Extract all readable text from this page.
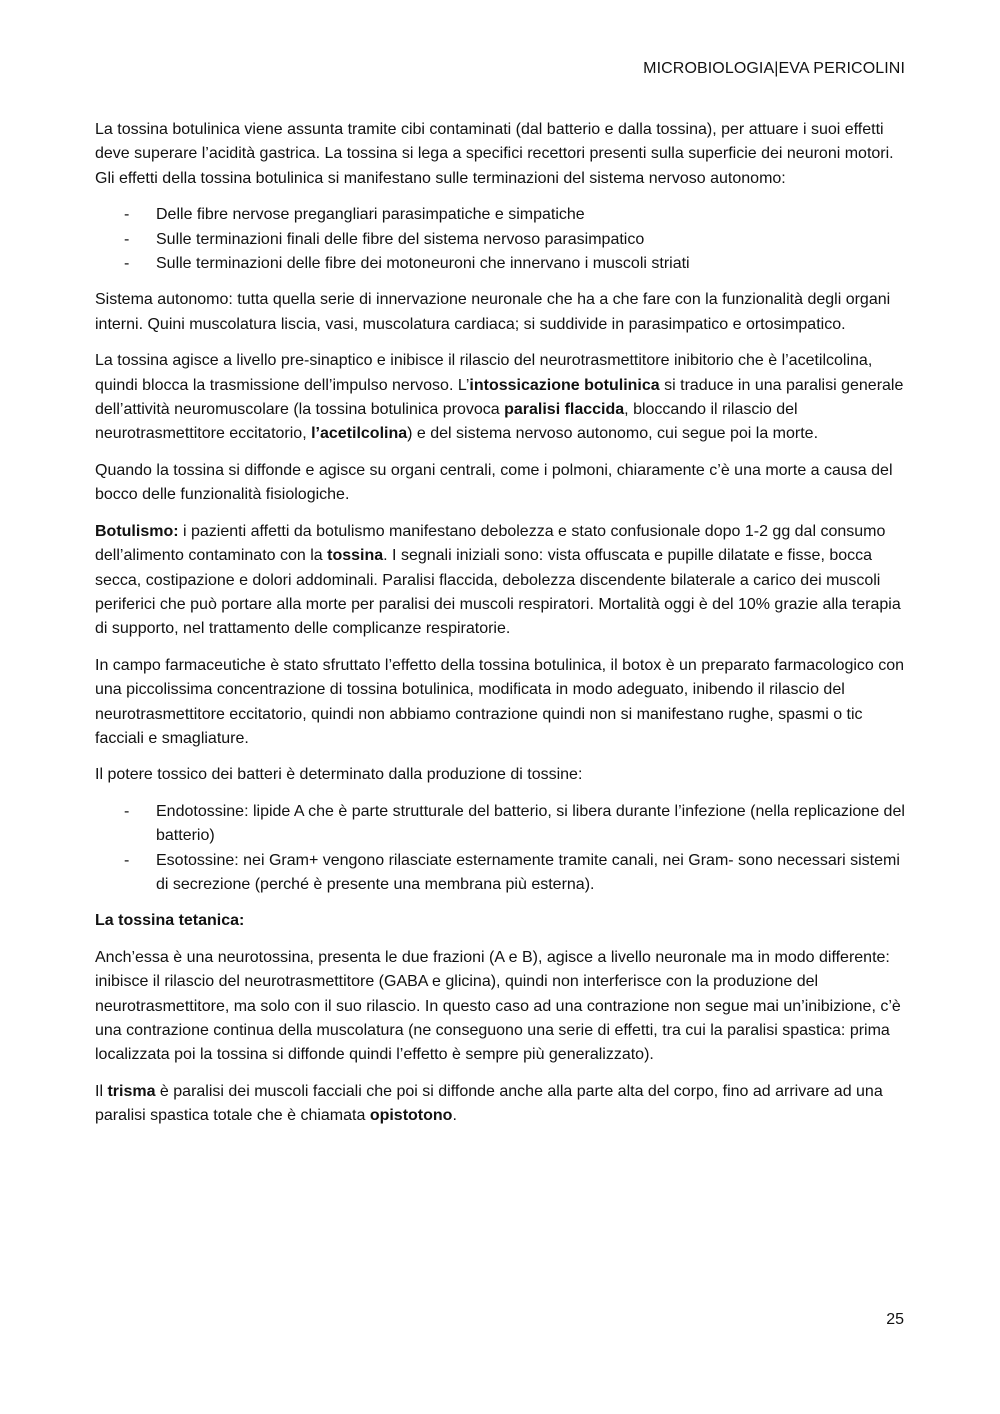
MICROBIOLOGIA|EVA PERICOLINI

La tossina botulinica viene assunta tramite cibi contaminati (dal batterio e dalla tossina), per attuare i suoi effetti deve superare l’acidità gastrica. La tossina si lega a specifici recettori presenti sulla superficie dei neuroni motori. Gli effetti della tossina botulinica si manifestano sulle terminazioni del sistema nervoso autonomo:

- Delle fibre nervose pregangliari parasimpatiche e simpatiche
- Sulle terminazioni finali delle fibre del sistema nervoso parasimpatico
- Sulle terminazioni delle fibre dei motoneuroni che innervano i muscoli striati

Sistema autonomo: tutta quella serie di innervazione neuronale che ha a che fare con la funzionalità degli organi interni. Quini muscolatura liscia, vasi, muscolatura cardiaca; si suddivide in parasimpatico e ortosimpatico.

La tossina agisce a livello pre-sinaptico e inibisce il rilascio del neurotrasmettitore inibitorio che è l’acetilcolina, quindi blocca la trasmissione dell’impulso nervoso. L’intossicazione botulinica si traduce in una paralisi generale dell’attività neuromuscolare (la tossina botulinica provoca paralisi flaccida, bloccando il rilascio del neurotrasmettitore eccitatorio, l’acetilcolina) e del sistema nervoso autonomo, cui segue poi la morte.

Quando la tossina si diffonde e agisce su organi centrali, come i polmoni, chiaramente c’è una morte a causa del bocco delle funzionalità fisiologiche.

Botulismo: i pazienti affetti da botulismo manifestano debolezza e stato confusionale dopo 1-2 gg dal consumo dell’alimento contaminato con la tossina. I segnali iniziali sono: vista offuscata e pupille dilatate e fisse, bocca secca, costipazione e dolori addominali. Paralisi flaccida, debolezza discendente bilaterale a carico dei muscoli periferici che può portare alla morte per paralisi dei muscoli respiratori. Mortalità oggi è del 10% grazie alla terapia di supporto, nel trattamento delle complicanze respiratorie.

In campo farmaceutiche è stato sfruttato l’effetto della tossina botulinica, il botox è un preparato farmacologico con una piccolissima concentrazione di tossina botulinica, modificata in modo adeguato, inibendo il rilascio del neurotrasmettitore eccitatorio, quindi non abbiamo contrazione quindi non si manifestano rughe, spasmi o tic facciali e smagliature.

Il potere tossico dei batteri è determinato dalla produzione di tossine:

- Endotossine: lipide A che è parte strutturale del batterio, si libera durante l’infezione (nella replicazione del batterio)
- Esotossine: nei Gram+ vengono rilasciate esternamente tramite canali, nei Gram- sono necessari sistemi di secrezione (perché è presente una membrana più esterna).

La tossina tetanica:

Anch’essa è una neurotossina, presenta le due frazioni (A e B), agisce a livello neuronale ma in modo differente: inibisce il rilascio del neurotrasmettitore (GABA e glicina), quindi non interferisce con la produzione del neurotrasmettitore, ma solo con il suo rilascio. In questo caso ad una contrazione non segue mai un’inibizione, c’è una contrazione continua della muscolatura (ne conseguono una serie di effetti, tra cui la paralisi spastica: prima localizzata poi la tossina si diffonde quindi l’effetto è sempre più generalizzato).

Il trisma è paralisi dei muscoli facciali che poi si diffonde anche alla parte alta del corpo, fino ad arrivare ad una paralisi spastica totale che è chiamata opistotono.

25
